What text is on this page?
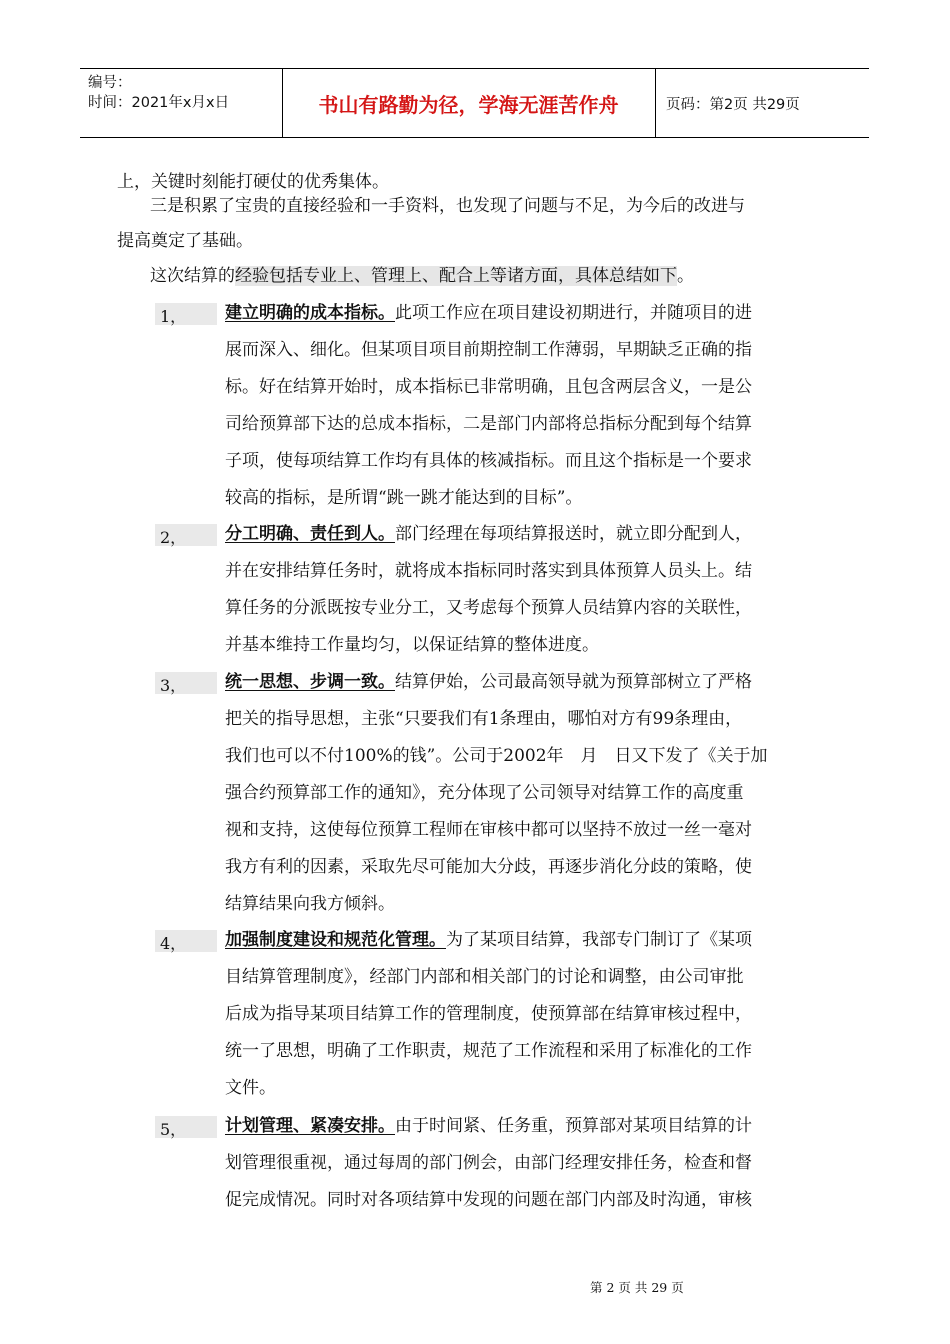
编号：
时间：2021年x月x日	书山有路勤为径，学海无涯苦作舟	页码：第2页 共29页
上，关键时刻能打硬仗的优秀集体。
三是积累了宝贵的直接经验和一手资料，也发现了问题与不足，为今后的改进与
提高奠定了基础。
这次结算的经验包括专业上、管理上、配合上等诸方面，具体总结如下。
1， 建立明确的成本指标。此项工作应在项目建设初期进行，并随项目的进
展而深入、细化。但某项目项目前期控制工作薄弱，早期缺乏正确的指
标。好在结算开始时，成本指标已非常明确，且包含两层含义，一是公
司给预算部下达的总成本指标，二是部门内部将总指标分配到每个结算
子项，使每项结算工作均有具体的核减指标。而且这个指标是一个要求
较高的指标，是所谓“跳一跳才能达到的目标”。
2， 分工明确、责任到人。部门经理在每项结算报送时，就立即分配到人，
并在安排结算任务时，就将成本指标同时落实到具体预算人员头上。结
算任务的分派既按专业分工，又考虑每个预算人员结算内容的关联性，
并基本维持工作量均匀，以保证结算的整体进度。
3， 统一思想、步调一致。结算伊始，公司最高领导就为预算部树立了严格
把关的指导思想，主张“只要我们有1条理由，哪怕对方有99条理由，
我们也可以不付100%的钱”。公司于2002年　月　日又下发了《关于加
强合约预算部工作的通知》，充分体现了公司领导对结算工作的高度重
视和支持，这使每位预算工程师在审核中都可以坚持不放过一丝一毫对
我方有利的因素，采取先尽可能加大分歧，再逐步消化分歧的策略，使
结算结果向我方倾斜。
4， 加强制度建设和规范化管理。为了某项目结算，我部专门制订了《某项
目结算管理制度》，经部门内部和相关部门的讨论和调整，由公司审批
后成为指导某项目结算工作的管理制度，使预算部在结算审核过程中，
统一了思想，明确了工作职责，规范了工作流程和采用了标准化的工作
文件。
5， 计划管理、紧凑安排。由于时间紧、任务重，预算部对某项目结算的计
划管理很重视，通过每周的部门例会，由部门经理安排任务，检查和督
促完成情况。同时对各项结算中发现的问题在部门内部及时沟通，审核
第 2 页 共 29 页
